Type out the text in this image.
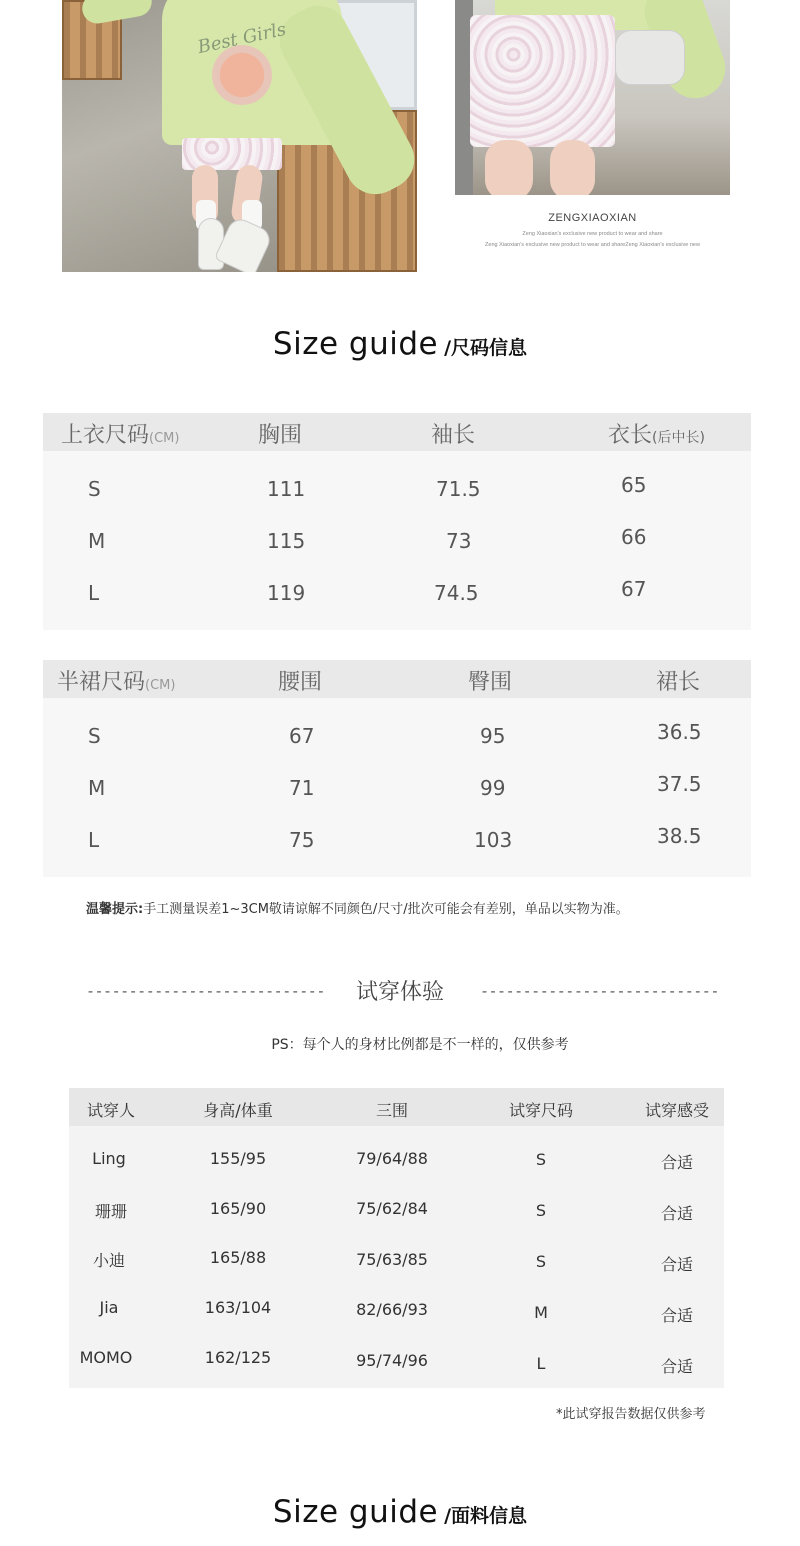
Best Girls
ZENGXIAOXIAN
Zeng Xiaoxian's exclusive new product to wear and share
Zeng Xiaoxian's exclusive new product to wear and shareZeng Xiaoxian's exclusive new
Size guide /尺码信息
上衣尺码(CM)	胸围	袖长	衣长(后中长)
S	111	71.5	65
M	115	73	66
L	119	74.5	67
半裙尺码(CM)	腰围	臀围	裙长
S	67	95	36.5
M	71	99	37.5
L	75	103	38.5
温馨提示:手工测量误差1~3CM敬请谅解不同颜色/尺寸/批次可能会有差别，单品以实物为准。
----------------------------	试穿体验	----------------------------
PS：每个人的身材比例都是不一样的，仅供参考
试穿人	身高/体重	三围	试穿尺码	试穿感受
Ling	155/95	79/64/88	S	合适
珊珊	165/90	75/62/84	S	合适
小迪	165/88	75/63/85	S	合适
Jia	163/104	82/66/93	M	合适
MOMO	162/125	95/74/96	L	合适
*此试穿报告数据仅供参考
Size guide /面料信息
